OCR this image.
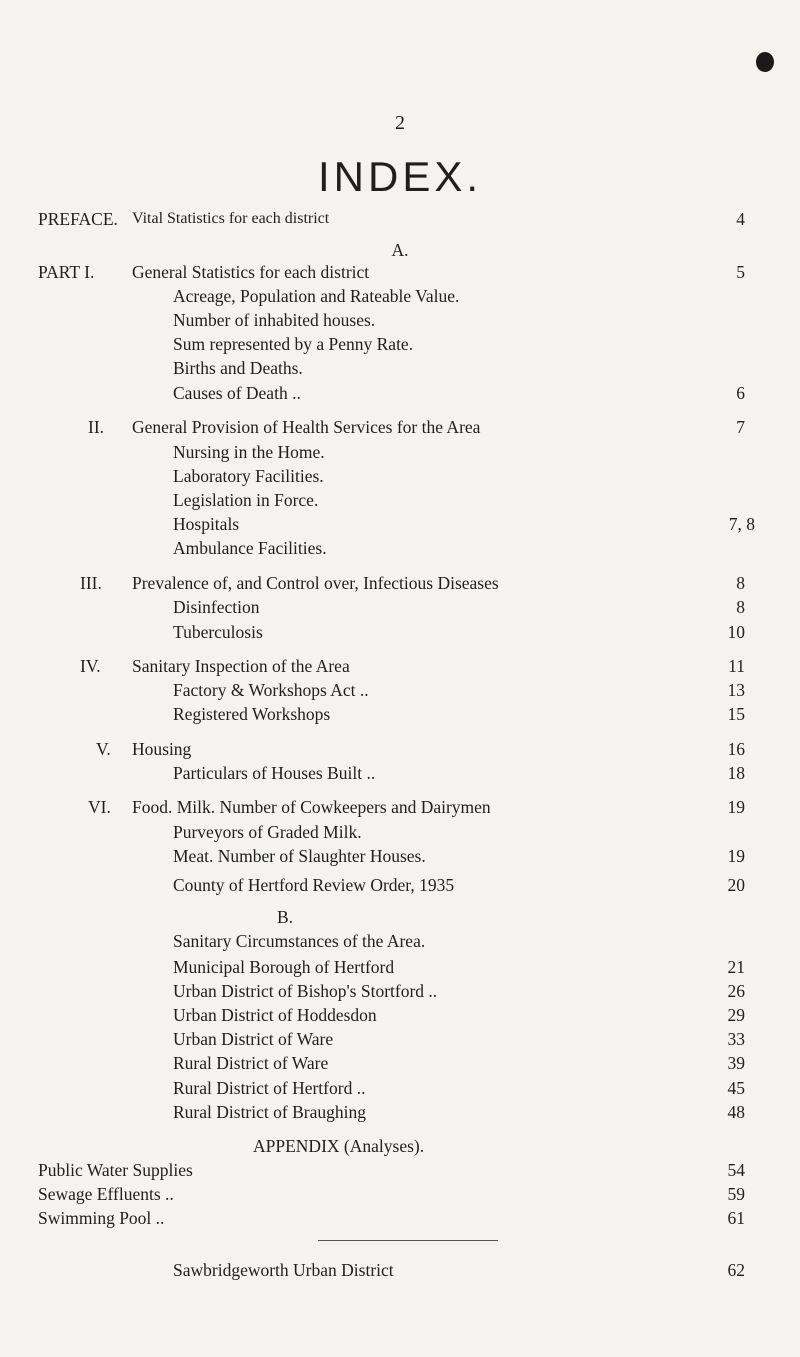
2
INDEX.
PREFACE. Vital Statistics for each district	4
A.
PART I. General Statistics for each district	5
Acreage, Population and Rateable Value.
Number of inhabited houses.
Sum represented by a Penny Rate.
Births and Deaths.
Causes of Death ..	6
II. General Provision of Health Services for the Area	7
Nursing in the Home.
Laboratory Facilities.
Legislation in Force.
Hospitals	7, 8
Ambulance Facilities.
III. Prevalence of, and Control over, Infectious Diseases	8
Disinfection	8
Tuberculosis	10
IV. Sanitary Inspection of the Area	11
Factory & Workshops Act ..	13
Registered Workshops	15
V. Housing	16
Particulars of Houses Built ..	18
VI. Food. Milk. Number of Cowkeepers and Dairymen	19
Purveyors of Graded Milk.
Meat. Number of Slaughter Houses.	19
County of Hertford Review Order, 1935	20
B.
Sanitary Circumstances of the Area.
Municipal Borough of Hertford	21
Urban District of Bishop's Stortford ..	26
Urban District of Hoddesdon	29
Urban District of Ware	33
Rural District of Ware	39
Rural District of Hertford ..	45
Rural District of Braughing	48
APPENDIX (Analyses).
Public Water Supplies	54
Sewage Effluents ..	59
Swimming Pool ..	61
Sawbridgeworth Urban District	62
